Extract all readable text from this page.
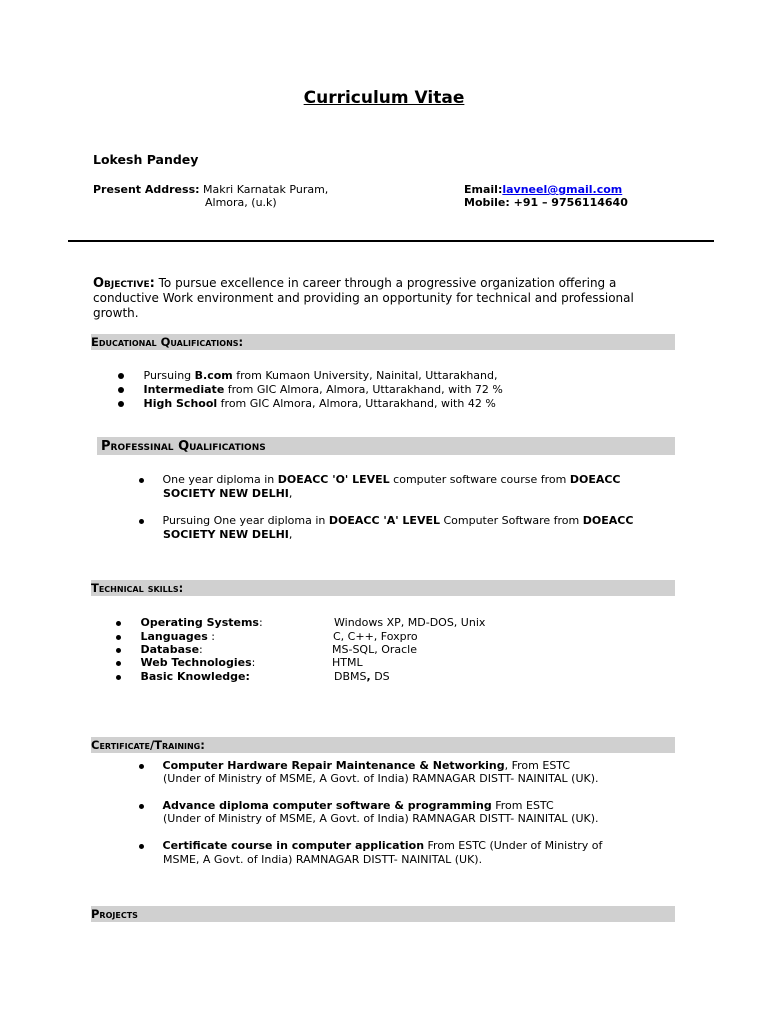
Curriculum Vitae
Lokesh Pandey
Present Address: Makri Karnatak Puram,
Almora, (u.k)
Email:lavneel@gmail.com
Mobile: +91 – 9756114640
Objective: To pursue excellence in career through a progressive organization offering a conductive Work environment and providing an opportunity for technical and professional growth.
Educational Qualifications:
Pursuing B.com from Kumaon University, Nainital, Uttarakhand,
Intermediate from GIC Almora, Almora, Uttarakhand, with 72 %
High School from GIC Almora, Almora, Uttarakhand, with 42 %
Professinal Qualifications
One year diploma in DOEACC 'O' LEVEL computer software course from DOEACC
SOCIETY NEW DELHI,
Pursuing One year diploma in DOEACC 'A' LEVEL Computer Software from DOEACC
SOCIETY NEW DELHI,
Technical skills:
Operating Systems:	Windows XP, MD-DOS, Unix
Languages :	C, C++, Foxpro
Database:	MS-SQL, Oracle
Web Technologies:	HTML
Basic Knowledge:	DBMS, DS
Certificate/Training:
Computer Hardware Repair Maintenance & Networking, From ESTC
(Under of Ministry of MSME, A Govt. of India) RAMNAGAR DISTT- NAINITAL (UK).
Advance diploma computer software & programming From ESTC
(Under of Ministry of MSME, A Govt. of India) RAMNAGAR DISTT- NAINITAL (UK).
Certificate course in computer application From ESTC (Under of Ministry of
MSME, A Govt. of India) RAMNAGAR DISTT- NAINITAL (UK).
Projects
